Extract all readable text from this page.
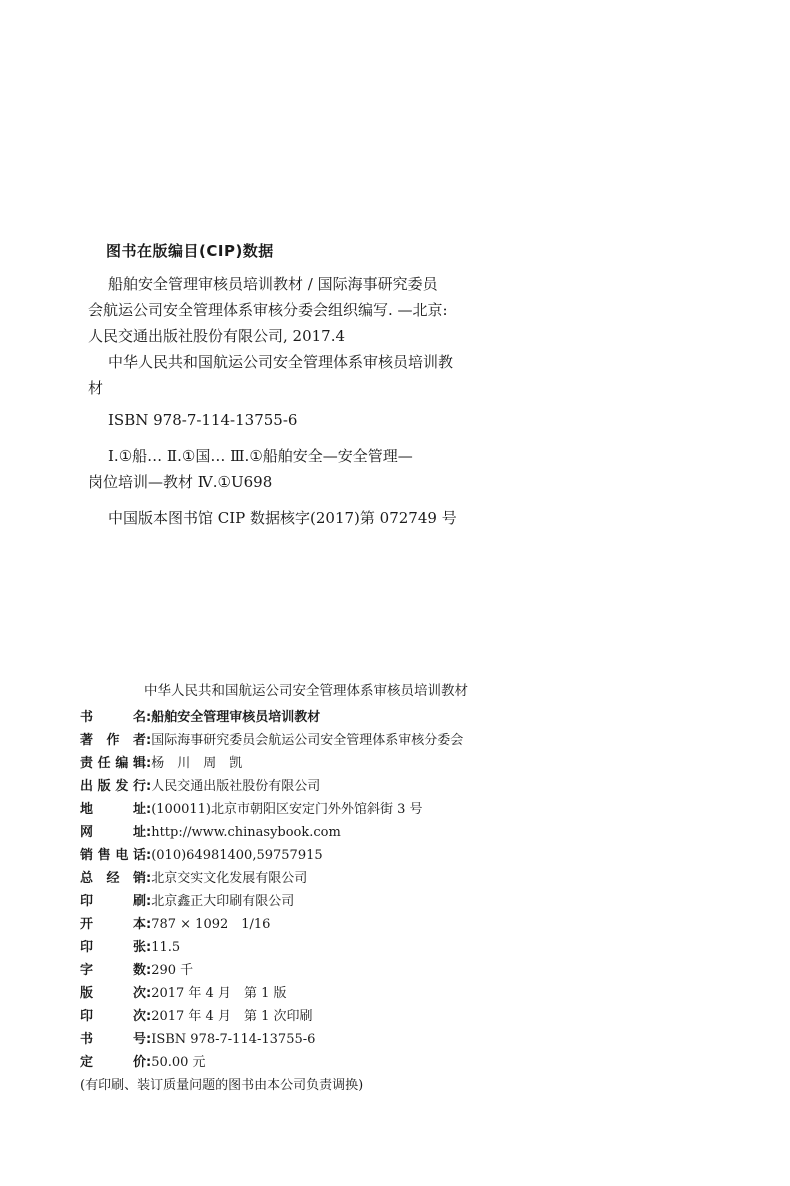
图书在版编目(CIP)数据

船舶安全管理审核员培训教材 / 国际海事研究委员

会航运公司安全管理体系审核分委会组织编写. —北京:

人民交通出版社股份有限公司, 2017.4

中华人民共和国航运公司安全管理体系审核员培训教

材

ISBN 978-7-114-13755-6

Ⅰ.①船… Ⅱ.①国… Ⅲ.①船舶安全—安全管理—

岗位培训—教材 Ⅳ.①U698

中国版本图书馆 CIP 数据核字(2017)第 072749 号

中华人民共和国航运公司安全管理体系审核员培训教材
书　　名 : 船舶安全管理审核员培训教材
著 作 者 : 国际海事研究委员会航运公司安全管理体系审核分委会
责任编辑 : 杨　川　周　凯
出版发行 : 人民交通出版社股份有限公司
地　　址 : (100011)北京市朝阳区安定门外外馆斜街 3 号
网　　址 : http://www.chinasybook.com
销售电话 : (010)64981400,59757915
总 经 销 : 北京交实文化发展有限公司
印　　刷 : 北京鑫正大印刷有限公司
开　　本 : 787 × 1092　1/16
印　　张 : 11.5
字　　数 : 290 千
版　　次 : 2017 年 4 月　第 1 版
印　　次 : 2017 年 4 月　第 1 次印刷
书　　号 : ISBN 978-7-114-13755-6
定　　价 : 50.00 元
(有印刷、装订质量问题的图书由本公司负责调换)
